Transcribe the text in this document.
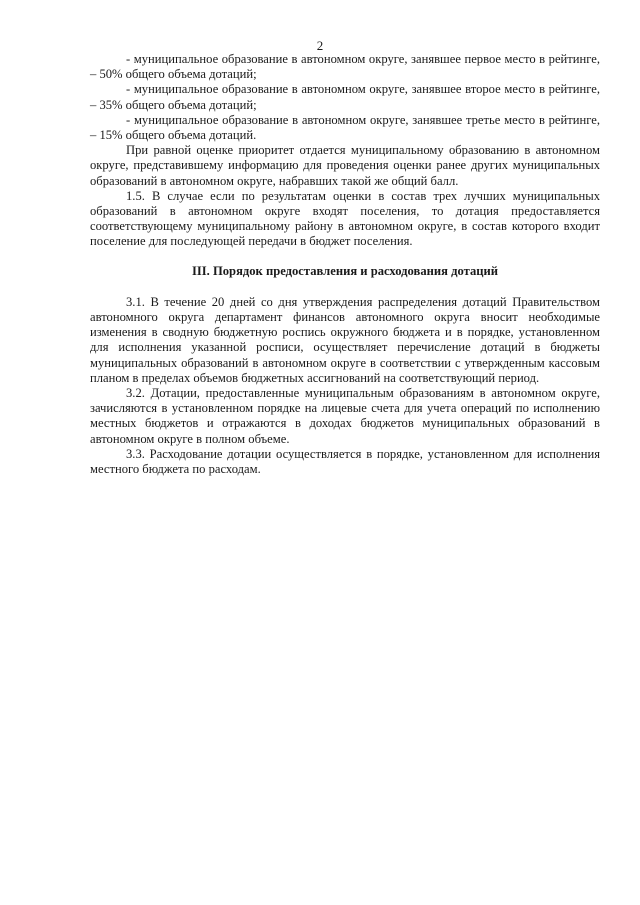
2

- муниципальное образование в автономном округе, занявшее первое место в рейтинге, – 50% общего объема дотаций;

- муниципальное образование в автономном округе, занявшее второе место в рейтинге, – 35% общего объема дотаций;

- муниципальное образование в автономном округе, занявшее третье место в рейтинге, – 15% общего объема дотаций.

При равной оценке приоритет отдается муниципальному образованию в автономном округе, представившему информацию для проведения оценки ранее других муниципальных образований в автономном округе, набравших такой же общий балл.

1.5. В случае если по результатам оценки в состав трех лучших муниципальных образований в автономном округе входят поселения, то дотация предоставляется соответствующему муниципальному району в автономном округе, в состав которого входит поселение для последующей передачи в бюджет поселения.

III. Порядок предоставления и расходования дотаций

3.1. В течение 20 дней со дня утверждения распределения дотаций Правительством автономного округа департамент финансов автономного округа вносит необходимые изменения в сводную бюджетную роспись окружного бюджета и в порядке, установленном для исполнения указанной росписи, осуществляет перечисление дотаций в бюджеты муниципальных образований в автономном округе в соответствии с утвержденным кассовым планом в пределах объемов бюджетных ассигнований на соответствующий период.

3.2. Дотации, предоставленные муниципальным образованиям в автономном округе, зачисляются в установленном порядке на лицевые счета для учета операций по исполнению местных бюджетов и отражаются в доходах бюджетов муниципальных образований в автономном округе в полном объеме.

3.3. Расходование дотации осуществляется в порядке, установленном для исполнения местного бюджета по расходам.
